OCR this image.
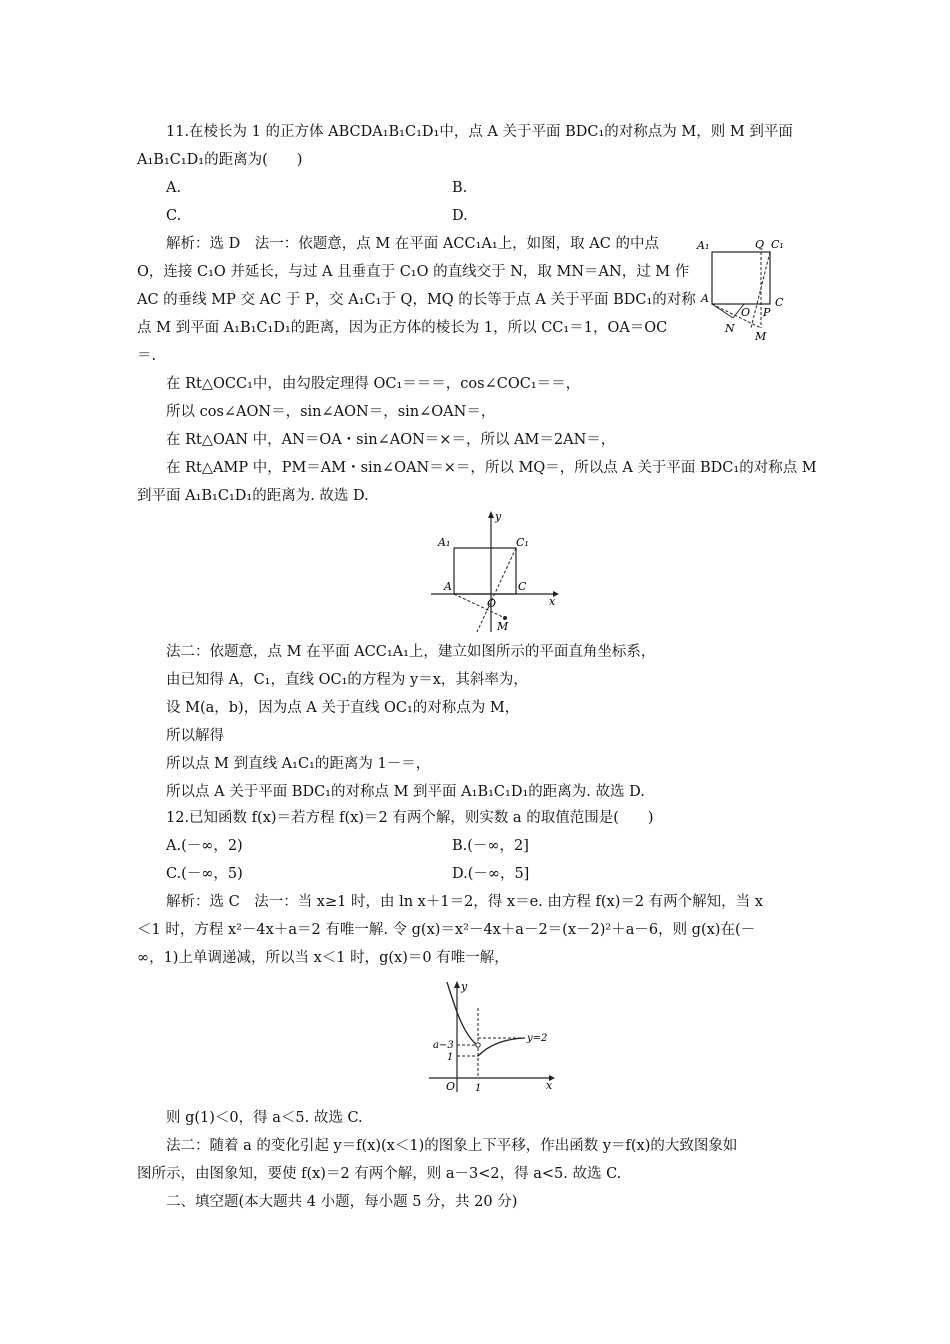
11.在棱长为 1 的正方体 ABCDA₁B₁C₁D₁中，点 A 关于平面 BDC₁的对称点为 M，则 M 到平面
A₁B₁C₁D₁的距离为(　　)
A.	B.
C.	D.
解析：选 D　法一：依题意，点 M 在平面 ACC₁A₁上，如图，取 AC 的中点
O，连接 C₁O 并延长，与过 A 且垂直于 C₁O 的直线交于 N，取 MN＝AN，过 M 作
AC 的垂线 MP 交 AC 于 P，交 A₁C₁于 Q，MQ 的长等于点 A 关于平面 BDC₁的对称
点 M 到平面 A₁B₁C₁D₁的距离，因为正方体的棱长为 1，所以 CC₁＝1，OA＝OC
＝.
在 Rt△OCC₁中，由勾股定理得 OC₁＝＝＝，cos∠COC₁＝＝，
所以 cos∠AON＝，sin∠AON＝，sin∠OAN＝，
在 Rt△OAN 中，AN＝OA・sin∠AON＝×＝，所以 AM＝2AN＝，
在 Rt△AMP 中，PM＝AM・sin∠OAN＝×＝，所以 MQ＝，所以点 A 关于平面 BDC₁的对称点 M
到平面 A₁B₁C₁D₁的距离为. 故选 D.
A₁	Q C₁
A
O P
C
N
M
y
A₁	C₁
A	C
O	x
M
法二：依题意，点 M 在平面 ACC₁A₁上，建立如图所示的平面直角坐标系，
由已知得 A，C₁，直线 OC₁的方程为 y＝x，其斜率为，
设 M(a，b)，因为点 A 关于直线 OC₁的对称点为 M，
所以解得
所以点 M 到直线 A₁C₁的距离为 1－＝，
所以点 A 关于平面 BDC₁的对称点 M 到平面 A₁B₁C₁D₁的距离为. 故选 D.
12.已知函数 f(x)＝若方程 f(x)＝2 有两个解，则实数 a 的取值范围是(　　)
A.(－∞，2)	B.(－∞，2]
C.(－∞，5)	D.(－∞，5]
解析：选 C　法一：当 x≥1 时，由 ln x＋1＝2，得 x＝e. 由方程 f(x)＝2 有两个解知，当 x
＜1 时，方程 x²－4x＋a＝2 有唯一解. 令 g(x)＝x²－4x＋a－2＝(x－2)²＋a－6，则 g(x)在(－
∞，1)上单调递减，所以当 x＜1 时，g(x)＝0 有唯一解，
y
y=2
a−3
1
O 1	x
则 g(1)＜0，得 a＜5. 故选 C.
法二：随着 a 的变化引起 y＝f(x)(x＜1)的图象上下平移，作出函数 y＝f(x)的大致图象如
图所示，由图象知，要使 f(x)＝2 有两个解，则 a－3<2，得 a<5. 故选 C.
二、填空题(本大题共 4 小题，每小题 5 分，共 20 分)
